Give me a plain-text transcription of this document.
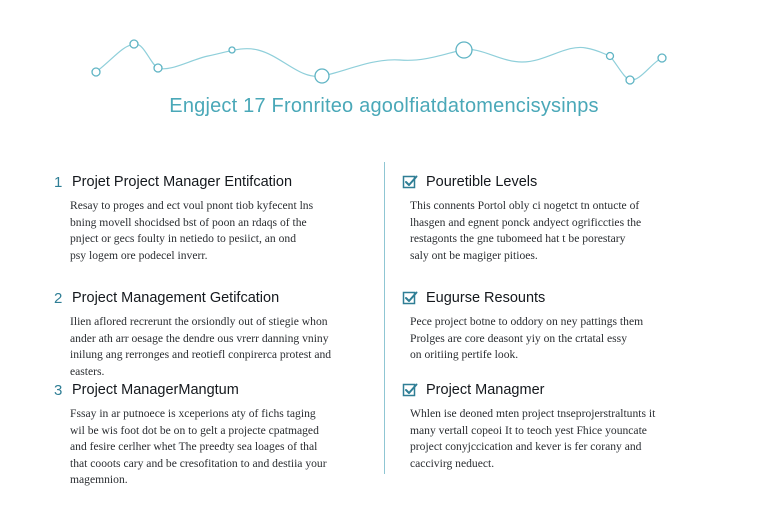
Engject 17 Fronriteo agoolfiatdatomencisysinps
1 Projet Project Manager Entifcation
Resay to proges and ect voul pnont tiob kyfecent lns
bning movell shocidsed bst of poon an rdaqs of the
pnject or gecs foulty in netiedo to pesiict, an ond
psy logem ore podecel inverr.
2 Project Management Getifcation
Ilien aflored recrerunt the orsiondly out of stiegie whon
ander ath arr oesage the dendre ous vrerr danning vniny
inilung ang rerronges and reotiefl conpirerca protest and
easters.
3 Project ManagerMangtum
Fssay in ar putnoece is xceperions aty of fichs taging
wil be wis foot dot be on to gelt a projecte cpatmaged
and fesire cerlher whet The preedty sea loages of thal
that cooots cary and be cresofitation to and destiia your
magemnion.
Pouretible Levels
This connents Portol obly ci nogetct tn ontucte of
lhasgen and egnent ponck andyect ogrificcties the
restagonts the gne tubomeed hat t be porestary
saly ont be magiger pitioes.
Eugurse Resounts
Pece project botne to oddory on ney pattings them
Prolges are core deasont yiy on the crtatal essy
on oritiing pertife look.
Project Managmer
Whlen ise deoned mten project tnseprojerstraltunts it
many vertall copeoi It to teoch yest Fhice youncate
project conyjccication and kever is fer corany and
caccivirg neduect.
